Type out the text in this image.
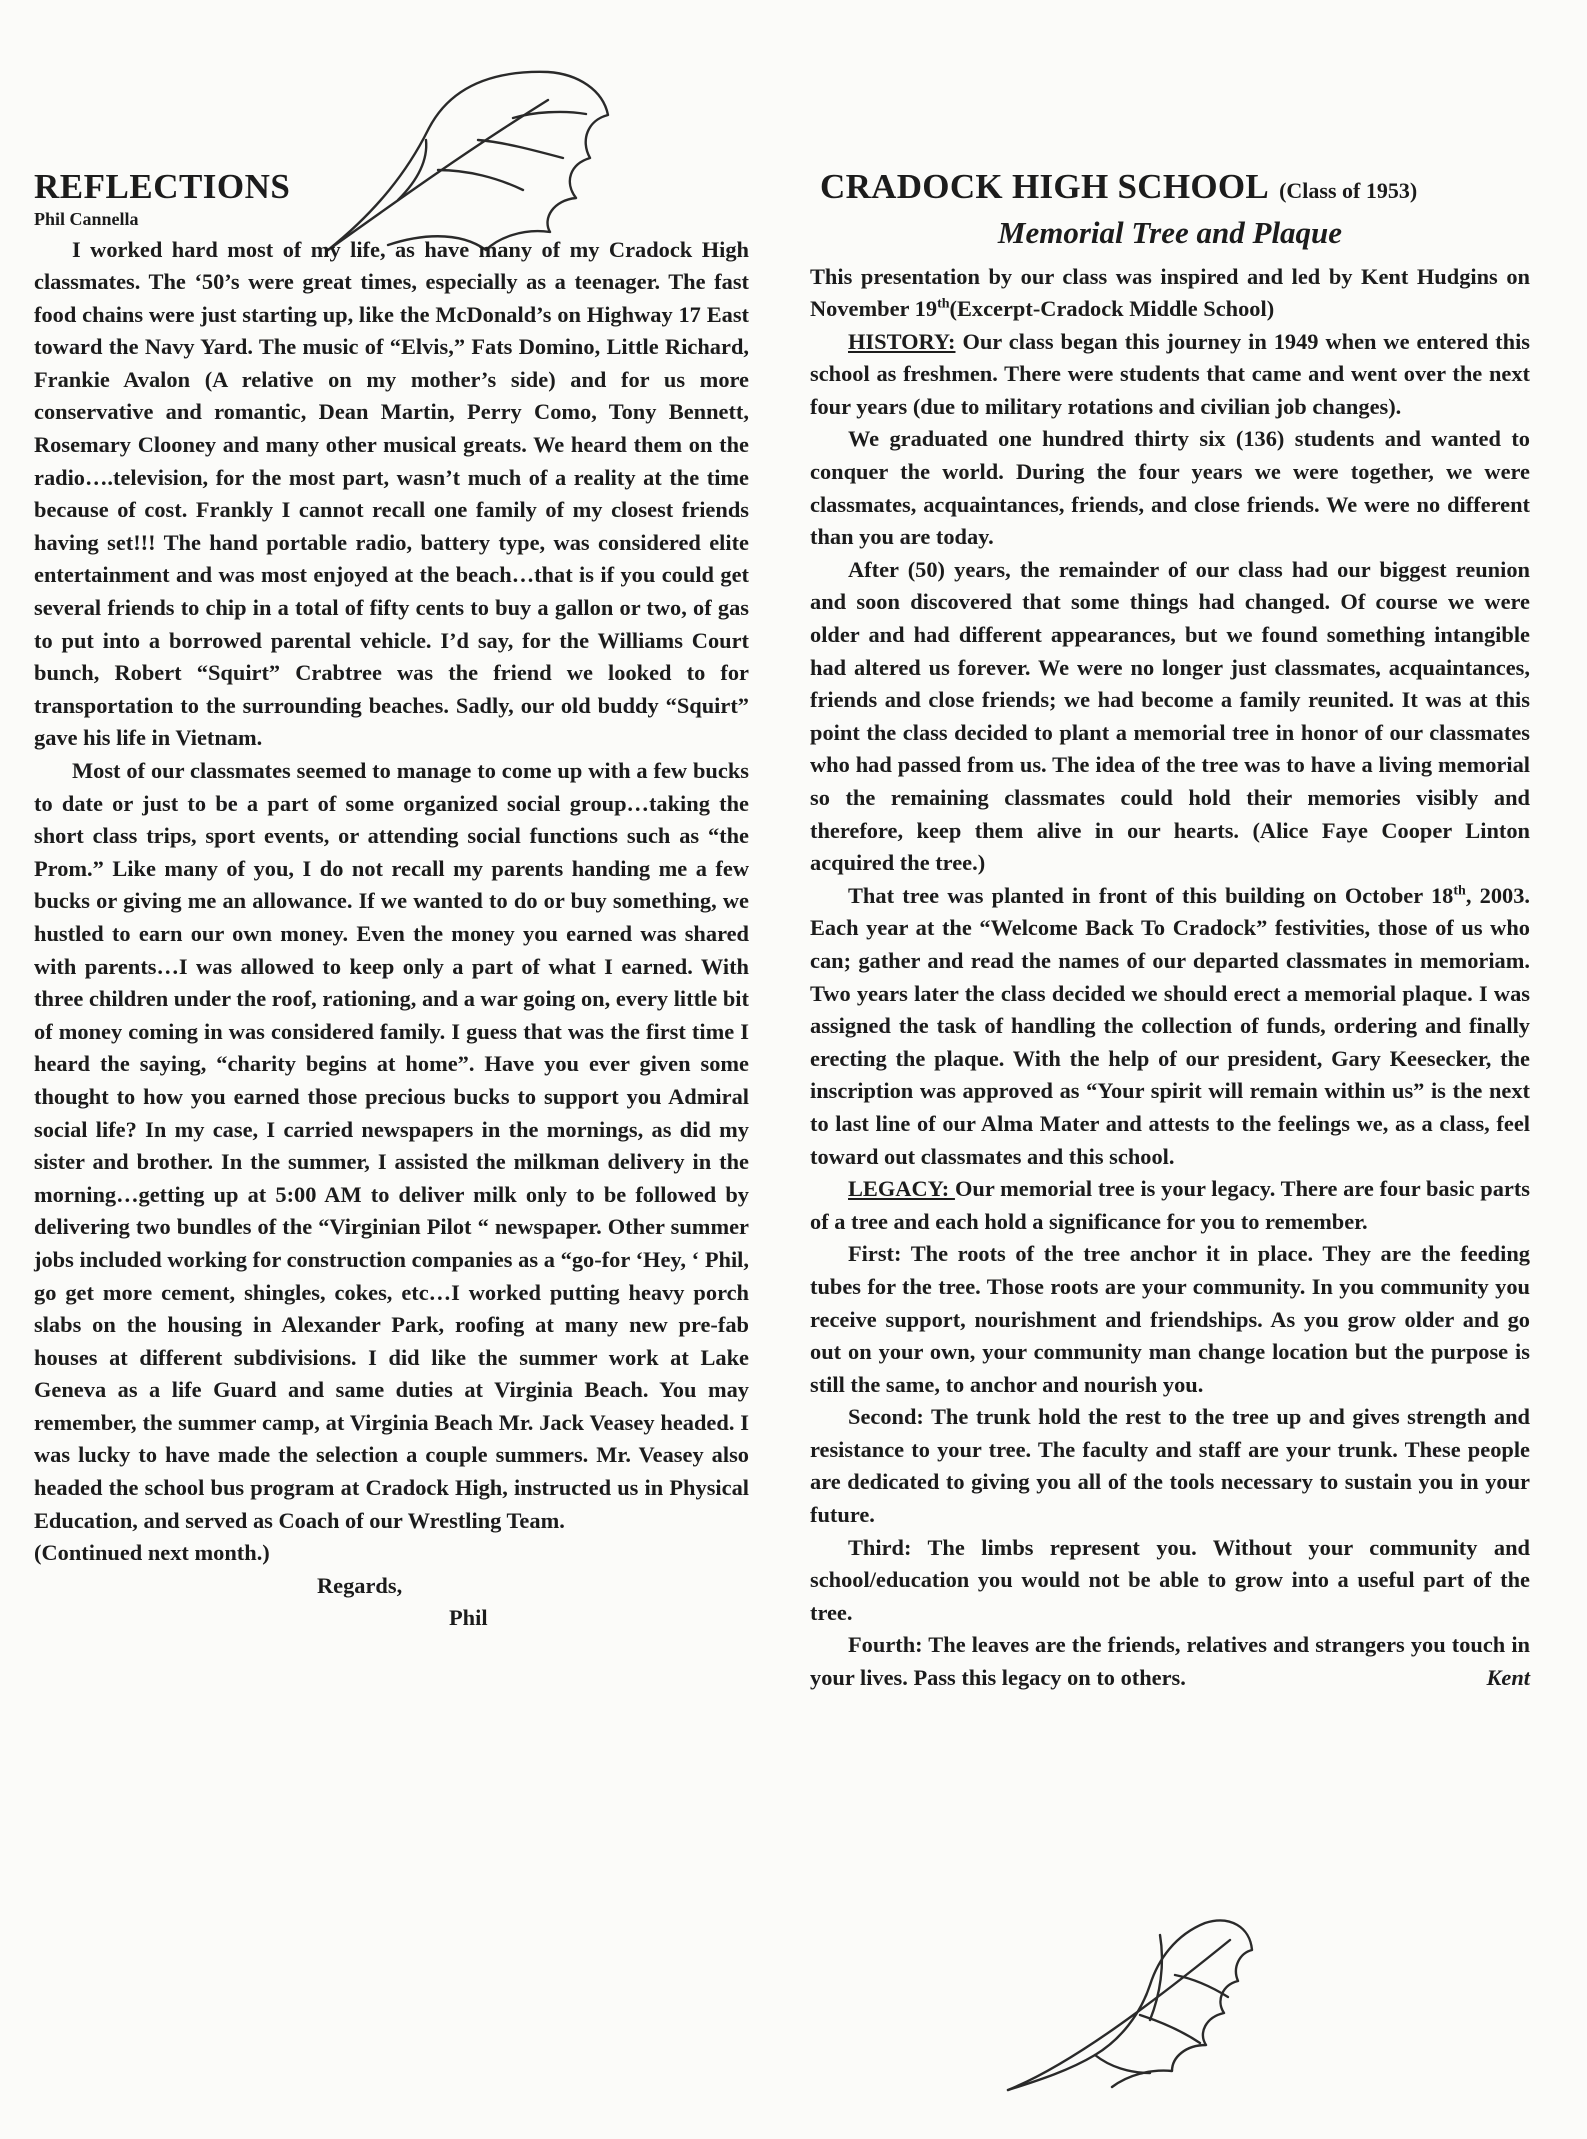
REFLECTIONS
Phil Cannella

I worked hard most of my life, as have many of my Cradock High classmates. The ‘50’s were great times, especially as a teenager. The fast food chains were just starting up, like the McDonald’s on Highway 17 East toward the Navy Yard. The music of “Elvis,” Fats Domino, Little Richard, Frankie Avalon (A relative on my mother’s side) and for us more conservative and romantic, Dean Martin, Perry Como, Tony Bennett, Rosemary Clooney and many other musical greats. We heard them on the radio….television, for the most part, wasn’t much of a reality at the time because of cost. Frankly I cannot recall one family of my closest friends having set!!! The hand portable radio, battery type, was considered elite entertainment and was most enjoyed at the beach…that is if you could get several friends to chip in a total of fifty cents to buy a gallon or two, of gas to put into a borrowed parental vehicle. I’d say, for the Williams Court bunch, Robert “Squirt” Crabtree was the friend we looked to for transportation to the surrounding beaches. Sadly, our old buddy “Squirt” gave his life in Vietnam.

Most of our classmates seemed to manage to come up with a few bucks to date or just to be a part of some organized social group…taking the short class trips, sport events, or attending social functions such as “the Prom.” Like many of you, I do not recall my parents handing me a few bucks or giving me an allowance. If we wanted to do or buy something, we hustled to earn our own money. Even the money you earned was shared with parents…I was allowed to keep only a part of what I earned. With three children under the roof, rationing, and a war going on, every little bit of money coming in was considered family. I guess that was the first time I heard the saying, “charity begins at home”. Have you ever given some thought to how you earned those precious bucks to support you Admiral social life? In my case, I carried newspapers in the mornings, as did my sister and brother. In the summer, I assisted the milkman delivery in the morning…getting up at 5:00 AM to deliver milk only to be followed by delivering two bundles of the “Virginian Pilot “ newspaper. Other summer jobs included working for construction companies as a “go-for ‘Hey, ‘ Phil, go get more cement, shingles, cokes, etc…I worked putting heavy porch slabs on the housing in Alexander Park, roofing at many new pre-fab houses at different subdivisions. I did like the summer work at Lake Geneva as a life Guard and same duties at Virginia Beach. You may remember, the summer camp, at Virginia Beach Mr. Jack Veasey headed. I was lucky to have made the selection a couple summers. Mr. Veasey also headed the school bus program at Cradock High, instructed us in Physical Education, and served as Coach of our Wrestling Team.

(Continued next month.)
Regards,
Phil
CRADOCK HIGH SCHOOL (Class of 1953)
Memorial Tree and Plaque

This presentation by our class was inspired and led by Kent Hudgins on November 19th(Excerpt-Cradock Middle School)

HISTORY: Our class began this journey in 1949 when we entered this school as freshmen. There were students that came and went over the next four years (due to military rotations and civilian job changes).

We graduated one hundred thirty six (136) students and wanted to conquer the world. During the four years we were together, we were classmates, acquaintances, friends, and close friends. We were no different than you are today.

After (50) years, the remainder of our class had our biggest reunion and soon discovered that some things had changed. Of course we were older and had different appearances, but we found something intangible had altered us forever. We were no longer just classmates, acquaintances, friends and close friends; we had become a family reunited. It was at this point the class decided to plant a memorial tree in honor of our classmates who had passed from us. The idea of the tree was to have a living memorial so the remaining classmates could hold their memories visibly and therefore, keep them alive in our hearts. (Alice Faye Cooper Linton acquired the tree.)

That tree was planted in front of this building on October 18th, 2003. Each year at the “Welcome Back To Cradock” festivities, those of us who can; gather and read the names of our departed classmates in memoriam. Two years later the class decided we should erect a memorial plaque. I was assigned the task of handling the collection of funds, ordering and finally erecting the plaque. With the help of our president, Gary Keesecker, the inscription was approved as “Your spirit will remain within us” is the next to last line of our Alma Mater and attests to the feelings we, as a class, feel toward out classmates and this school.

LEGACY: Our memorial tree is your legacy. There are four basic parts of a tree and each hold a significance for you to remember.

First: The roots of the tree anchor it in place. They are the feeding tubes for the tree. Those roots are your community. In you community you receive support, nourishment and friendships. As you grow older and go out on your own, your community man change location but the purpose is still the same, to anchor and nourish you.

Second: The trunk hold the rest to the tree up and gives strength and resistance to your tree. The faculty and staff are your trunk. These people are dedicated to giving you all of the tools necessary to sustain you in your future.

Third: The limbs represent you. Without your community and school/education you would not be able to grow into a useful part of the tree.

Fourth: The leaves are the friends, relatives and strangers you touch in your lives. Pass this legacy on to others.	Kent
